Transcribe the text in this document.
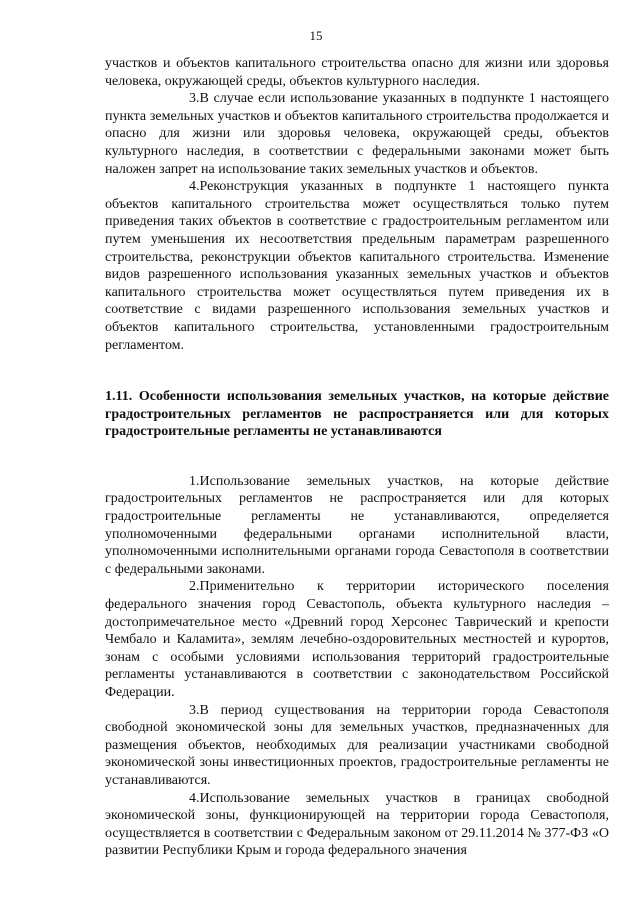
15

участков и объектов капитального строительства опасно для жизни или здоровья человека, окружающей среды, объектов культурного наследия.

3.В случае если использование указанных в подпункте 1 настоящего пункта земельных участков и объектов капитального строительства продолжается и опасно для жизни или здоровья человека, окружающей среды, объектов культурного наследия, в соответствии с федеральными законами может быть наложен запрет на использование таких земельных участков и объектов.

4.Реконструкция указанных в подпункте 1 настоящего пункта объектов капитального строительства может осуществляться только путем приведения таких объектов в соответствие с градостроительным регламентом или путем уменьшения их несоответствия предельным параметрам разрешенного строительства, реконструкции объектов капитального строительства. Изменение видов разрешенного использования указанных земельных участков и объектов капитального строительства может осуществляться путем приведения их в соответствие с видами разрешенного использования земельных участков и объектов капитального строительства, установленными градостроительным регламентом.

1.11. Особенности использования земельных участков, на которые действие градостроительных регламентов не распространяется или для которых градостроительные регламенты не устанавливаются

1.Использование земельных участков, на которые действие градостроительных регламентов не распространяется или для которых градостроительные регламенты не устанавливаются, определяется уполномоченными федеральными органами исполнительной власти, уполномоченными исполнительными органами города Севастополя в соответствии с федеральными законами.

2.Применительно к территории исторического поселения федерального значения город Севастополь, объекта культурного наследия – достопримечательное место «Древний город Херсонес Таврический и крепости Чембало и Каламита», землям лечебно-оздоровительных местностей и курортов, зонам с особыми условиями использования территорий градостроительные регламенты устанавливаются в соответствии с законодательством Российской Федерации.

3.В период существования на территории города Севастополя свободной экономической зоны для земельных участков, предназначенных для размещения объектов, необходимых для реализации участниками свободной экономической зоны инвестиционных проектов, градостроительные регламенты не устанавливаются.

4.Использование земельных участков в границах свободной экономической зоны, функционирующей на территории города Севастополя, осуществляется в соответствии с Федеральным законом от 29.11.2014 № 377-ФЗ «О развитии Республики Крым и города федерального значения
